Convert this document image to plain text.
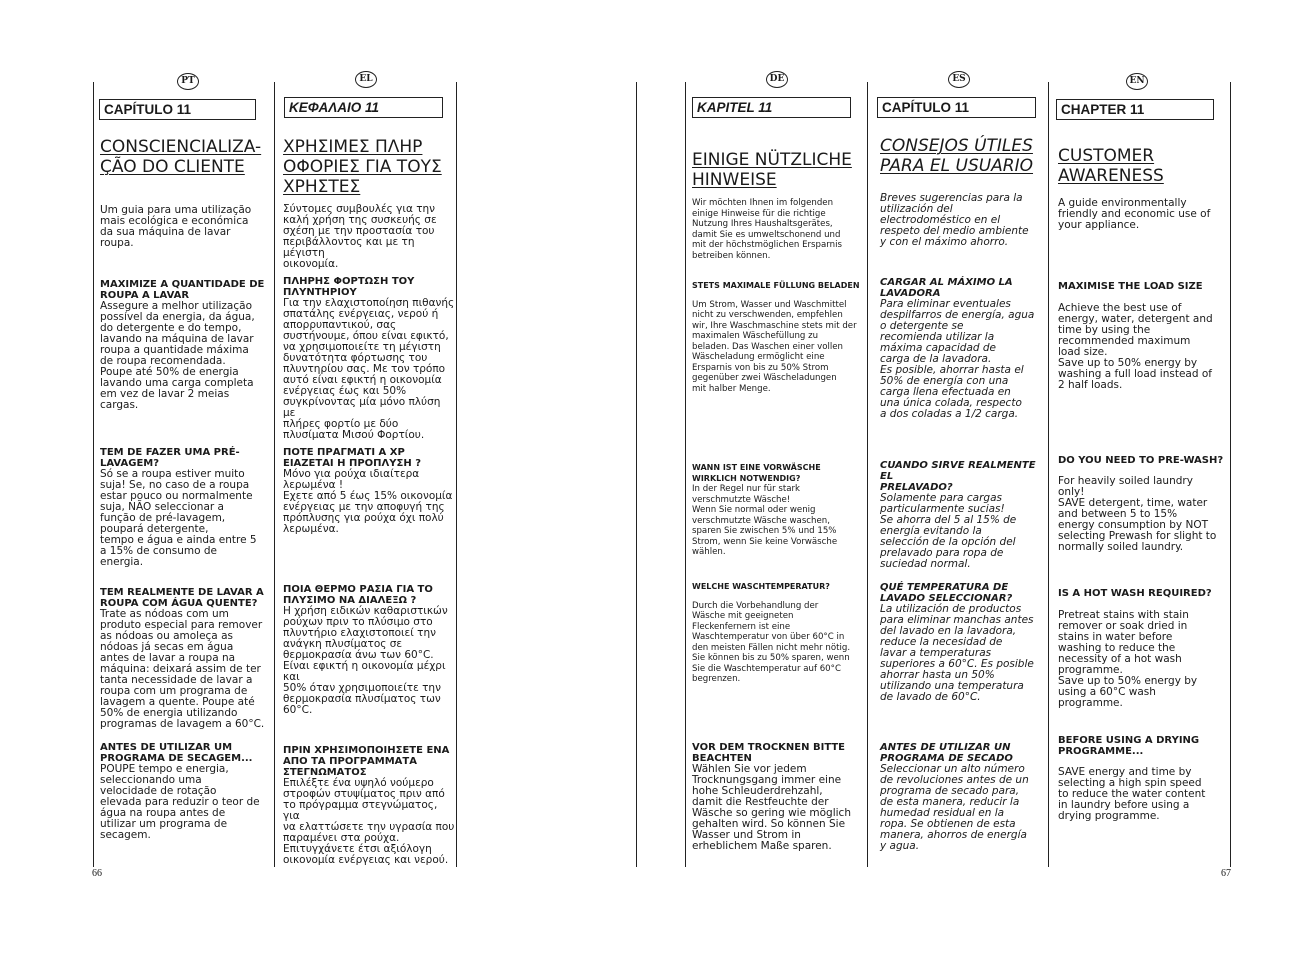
PT
CAPÍTULO 11
CONSCIENCIALIZA-
ÇÃO DO CLIENTE
Um guia para uma utilização
mais ecológica e económica
da sua máquina de lavar
roupa.
MAXIMIZE A QUANTIDADE DE
ROUPA A LAVAR
Assegure a melhor utilização
possível da energia, da água,
do detergente e do tempo,
lavando na máquina de lavar
roupa a quantidade máxima
de roupa recomendada.
Poupe até 50% de energia
lavando uma carga completa
em vez de lavar 2 meias
cargas.
TEM DE FAZER UMA PRÉ-
LAVAGEM?
Só se a roupa estiver muito
suja! Se, no caso de a roupa
estar pouco ou normalmente
suja, NÃO seleccionar a
função de pré-lavagem,
poupará detergente,
tempo e água e ainda entre 5
a 15% de consumo de
energia.
TEM REALMENTE DE LAVAR A
ROUPA COM ÁGUA QUENTE?
Trate as nódoas com um
produto especial para remover
as nódoas ou amoleça as
nódoas já secas em água
antes de lavar a roupa na
máquina: deixará assim de ter
tanta necessidade de lavar a
roupa com um programa de
lavagem a quente. Poupe até
50% de energia utilizando
programas de lavagem a 60°C.
ANTES DE UTILIZAR UM
PROGRAMA DE SECAGEM...
POUPE tempo e energia,
seleccionando uma
velocidade de rotação
elevada para reduzir o teor de
água na roupa antes de
utilizar um programa de
secagem.
EL
ΚΕΦΑΛΑΙΟ 11
ΧΡΗΣΙΜΕΣ ΠΛΗΡ
ΟΦΟΡΙΕΣ ΓΙΑ ΤΟΥΣ
ΧΡΗΣΤΕΣ
Σύντομες συμβουλές για την
καλή χρήση της συσκευής σε
σχέση με την προστασία του
περιβάλλοντος και με τη μέγιστη
οικονομία.
ΠΛΗΡΗΣ ΦΟΡΤΩΣΗ ΤΟΥ
ΠΛΥΝΤΗΡΙΟΥ
Για την ελαχιστοποίηση πιθανής
σπατάλης ενέργειας, νερού ή
απορρυπαντικού, σας
συστήνουμε, όπου είναι εφικτό,
να χρησιμοποιείτε τη μέγιστη
δυνατότητα φόρτωσης του
πλυντηρίου σας. Με τον τρόπο
αυτό είναι εφικτή η οικονομία
ενέργειας έως και 50%
συγκρίνοντας μία μόνο πλύση με
πλήρες φορτίο με δύο
πλυσίματα Μισού Φορτίου.
ΠΟΤΕ ΠΡΑΓΜΑΤΙ Α ΧΡ
ΕΙΑΖΕΤΑΙ Η ΠΡΟΠΛΥΣΗ ?
Μόνο για ρούχα ιδιαίτερα
λερωμένα !
Εχετε από 5 έως 15% οικονομία
ενέργειας με την αποφυγή της
πρόπλυσης για ρούχα όχι πολύ
λερωμένα.
ΠΟΙΑ ΘΕΡΜΟ ΡΑΣΙΑ ΓΙΑ ΤΟ
ΠΛΥΣΙΜΟ ΝΑ ΔΙΑΛΕΞΩ ?
Η χρήση ειδικών καθαριστικών
ρούχων πριν το πλύσιμο στο
πλυντήριο ελαχιστοποιεί την
ανάγκη πλυσίματος σε
θερμοκρασία άνω των 60°C.
Είναι εφικτή η οικονομία μέχρι και
50% όταν χρησιμοποιείτε την
θερμοκρασία πλυσίματος των
60°C.
ΠΡΙΝ ΧΡΗΣΙΜΟΠΟΙΗΣΕΤΕ ΕΝΑ
ΑΠΟ ΤΑ ΠΡΟΓΡΑΜΜΑΤΑ
ΣΤΕΓΝΩΜΑΤΟΣ
Επιλέξτε ένα υψηλό νούμερο
στροφών στυψίματος πριν από
το πρόγραμμα στεγνώματος, για
να ελαττώσετε την υγρασία που
παραμένει στα ρούχα.
Επιτυγχάνετε έτσι αξιόλογη
οικονομία ενέργειας και νερού.
DE
KAPITEL 11
EINIGE NÜTZLICHE
HINWEISE
Wir möchten Ihnen im folgenden
einige Hinweise für die richtige
Nutzung Ihres Haushaltsgerätes,
damit Sie es umweltschonend und
mit der höchstmöglichen Ersparnis
betreiben können.
STETS MAXIMALE FÜLLUNG BELADEN
Um Strom, Wasser und Waschmittel
nicht zu verschwenden, empfehlen
wir, Ihre Waschmaschine stets mit der
maximalen Wäschefüllung zu
beladen. Das Waschen einer vollen
Wäscheladung ermöglicht eine
Ersparnis von bis zu 50% Strom
gegenüber zwei Wäscheladungen
mit halber Menge.
WANN IST EINE VORWÄSCHE
WIRKLICH NOTWENDIG?
In der Regel nur für stark
verschmutzte Wäsche!
Wenn Sie normal oder wenig
verschmutzte Wäsche waschen,
sparen Sie zwischen 5% und 15%
Strom, wenn Sie keine Vorwäsche
wählen.
WELCHE WASCHTEMPERATUR?
Durch die Vorbehandlung der
Wäsche mit geeigneten
Fleckenfernern ist eine
Waschtemperatur von über 60°C in
den meisten Fällen nicht mehr nötig.
Sie können bis zu 50% sparen, wenn
Sie die Waschtemperatur auf 60°C
begrenzen.
VOR DEM TROCKNEN BITTE
BEACHTEN
Wählen Sie vor jedem
Trocknungsgang immer eine
hohe Schleuderdrehzahl,
damit die Restfeuchte der
Wäsche so gering wie möglich
gehalten wird. So können Sie
Wasser und Strom in
erheblichem Maße sparen.
ES
CAPÍTULO 11
CONSEJOS ÚTILES
PARA EL USUARIO
Breves sugerencias para la
utilización del
electrodoméstico en el
respeto del medio ambiente
y con el máximo ahorro.
CARGAR AL MÁXIMO LA
LAVADORA
Para eliminar eventuales
despilfarros de energía, agua
o detergente se
recomienda utilizar la
máxima capacidad de
carga de la lavadora.
Es posible, ahorrar hasta el
50% de energía con una
carga llena efectuada en
una única colada, respecto
a dos coladas a 1/2 carga.
CUANDO SIRVE REALMENTE EL
PRELAVADO?
Solamente para cargas
particularmente sucias!
Se ahorra del 5 al 15% de
energía evitando la
selección de la opción del
prelavado para ropa de
suciedad normal.
QUÉ TEMPERATURA DE
LAVADO SELECCIONAR?
La utilización de productos
para eliminar manchas antes
del lavado en la lavadora,
reduce la necesidad de
lavar a temperaturas
superiores a 60°C. Es posible
ahorrar hasta un 50%
utilizando una temperatura
de lavado de 60°C.
ANTES DE UTILIZAR UN
PROGRAMA DE SECADO
Seleccionar un alto número
de revoluciones antes de un
programa de secado para,
de esta manera, reducir la
humedad residual en la
ropa. Se obtienen de esta
manera, ahorros de energía
y agua.
EN
CHAPTER 11
CUSTOMER
AWARENESS
A guide environmentally
friendly and economic use of
your appliance.
MAXIMISE THE LOAD SIZE
Achieve the best use of
energy, water, detergent and
time by using the
recommended maximum
load size.
Save up to 50% energy by
washing a full load instead of
2 half loads.
DO YOU NEED TO PRE-WASH?
For heavily soiled laundry
only!
SAVE detergent, time, water
and between 5 to 15%
energy consumption by NOT
selecting Prewash for slight to
normally soiled laundry.
IS A HOT WASH REQUIRED?
Pretreat stains with stain
remover or soak dried in
stains in water before
washing to reduce the
necessity of a hot wash
programme.
Save up to 50% energy by
using a 60°C wash
programme.
BEFORE USING A DRYING
PROGRAMME...
SAVE energy and time by
selecting a high spin speed
to reduce the water content
in laundry before using a
drying programme.
66	67
